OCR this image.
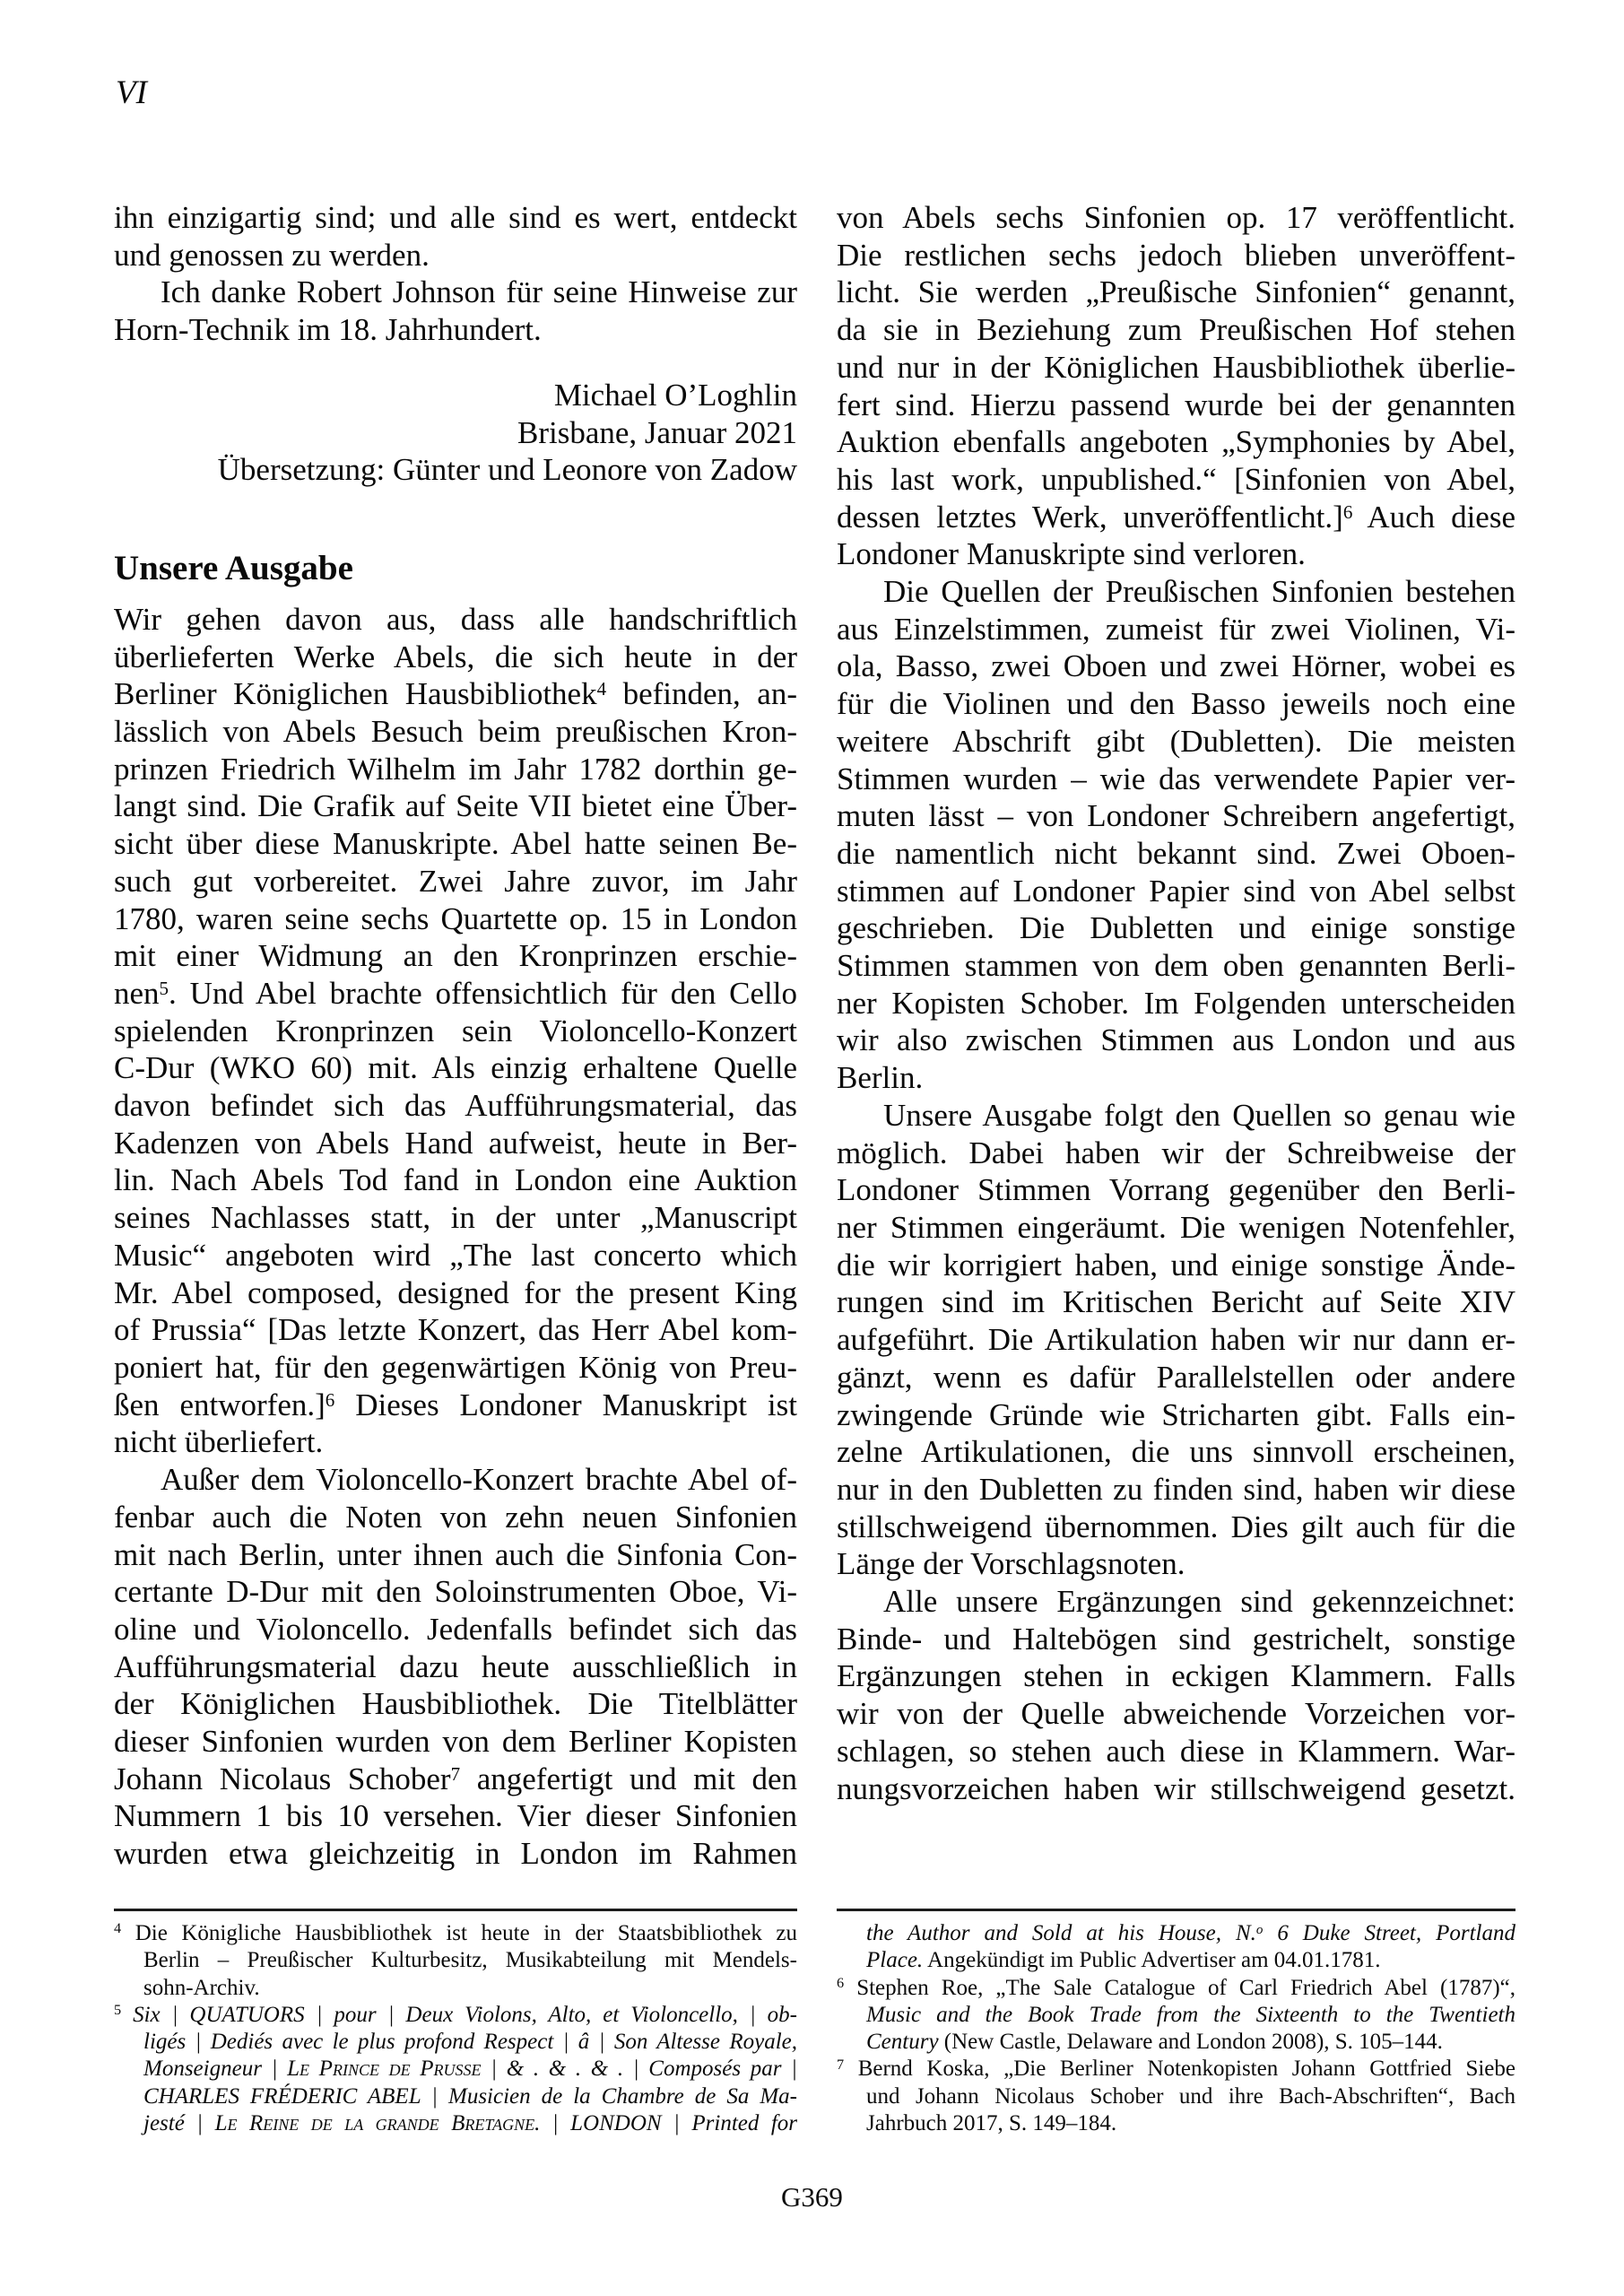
VI
ihn einzigartig sind; und alle sind es wert, entdeckt
und genossen zu werden.
Ich danke Robert Johnson für seine Hinweise zur
Horn-Technik im 18. Jahrhundert.
Michael O’Loghlin
Brisbane, Januar 2021
Übersetzung: Günter und Leonore von Zadow
Unsere Ausgabe
Wir gehen davon aus, dass alle handschriftlich
überlieferten Werke Abels, die sich heute in der
Berliner Königlichen Hausbibliothek$^4$ befinden, an-
lässlich von Abels Besuch beim preußischen Kron-
prinzen Friedrich Wilhelm im Jahr 1782 dorthin ge-
langt sind. Die Grafik auf Seite VII bietet eine Über-
sicht über diese Manuskripte. Abel hatte seinen Be-
such gut vorbereitet. Zwei Jahre zuvor, im Jahr
1780, waren seine sechs Quartette op. 15 in London
mit einer Widmung an den Kronprinzen erschie-
nen$^5$. Und Abel brachte offensichtlich für den Cello
spielenden Kronprinzen sein Violoncello-Konzert
C-Dur (WKO 60) mit. Als einzig erhaltene Quelle
davon befindet sich das Aufführungsmaterial, das
Kadenzen von Abels Hand aufweist, heute in Ber-
lin. Nach Abels Tod fand in London eine Auktion
seines Nachlasses statt, in der unter „Manuscript
Music“ angeboten wird „The last concerto which
Mr. Abel composed, designed for the present King
of Prussia“ [Das letzte Konzert, das Herr Abel kom-
poniert hat, für den gegenwärtigen König von Preu-
ßen entworfen.]$^6$ Dieses Londoner Manuskript ist
nicht überliefert.
Außer dem Violoncello-Konzert brachte Abel of-
fenbar auch die Noten von zehn neuen Sinfonien
mit nach Berlin, unter ihnen auch die Sinfonia Con-
certante D-Dur mit den Soloinstrumenten Oboe, Vi-
oline und Violoncello. Jedenfalls befindet sich das
Aufführungsmaterial dazu heute ausschließlich in
der Königlichen Hausbibliothek. Die Titelblätter
dieser Sinfonien wurden von dem Berliner Kopisten
Johann Nicolaus Schober$^7$ angefertigt und mit den
Nummern 1 bis 10 versehen. Vier dieser Sinfonien
wurden etwa gleichzeitig in London im Rahmen
von Abels sechs Sinfonien op. 17 veröffentlicht.
Die restlichen sechs jedoch blieben unveröffent-
licht. Sie werden „Preußische Sinfonien“ genannt,
da sie in Beziehung zum Preußischen Hof stehen
und nur in der Königlichen Hausbibliothek überlie-
fert sind. Hierzu passend wurde bei der genannten
Auktion ebenfalls angeboten „Symphonies by Abel,
his last work, unpublished.“ [Sinfonien von Abel,
dessen letztes Werk, unveröffentlicht.]$^6$ Auch diese
Londoner Manuskripte sind verloren.
Die Quellen der Preußischen Sinfonien bestehen
aus Einzelstimmen, zumeist für zwei Violinen, Vi-
ola, Basso, zwei Oboen und zwei Hörner, wobei es
für die Violinen und den Basso jeweils noch eine
weitere Abschrift gibt (Dubletten). Die meisten
Stimmen wurden – wie das verwendete Papier ver-
muten lässt – von Londoner Schreibern angefertigt,
die namentlich nicht bekannt sind. Zwei Oboen-
stimmen auf Londoner Papier sind von Abel selbst
geschrieben. Die Dubletten und einige sonstige
Stimmen stammen von dem oben genannten Berli-
ner Kopisten Schober. Im Folgenden unterscheiden
wir also zwischen Stimmen aus London und aus
Berlin.
Unsere Ausgabe folgt den Quellen so genau wie
möglich. Dabei haben wir der Schreibweise der
Londoner Stimmen Vorrang gegenüber den Berli-
ner Stimmen eingeräumt. Die wenigen Notenfehler,
die wir korrigiert haben, und einige sonstige Ände-
rungen sind im Kritischen Bericht auf Seite XIV
aufgeführt. Die Artikulation haben wir nur dann er-
gänzt, wenn es dafür Parallelstellen oder andere
zwingende Gründe wie Stricharten gibt. Falls ein-
zelne Artikulationen, die uns sinnvoll erscheinen,
nur in den Dubletten zu finden sind, haben wir diese
stillschweigend übernommen. Dies gilt auch für die
Länge der Vorschlagsnoten.
Alle unsere Ergänzungen sind gekennzeichnet:
Binde- und Haltebögen sind gestrichelt, sonstige
Ergänzungen stehen in eckigen Klammern. Falls
wir von der Quelle abweichende Vorzeichen vor-
schlagen, so stehen auch diese in Klammern. War-
nungsvorzeichen haben wir stillschweigend gesetzt.
$^4$ Die Königliche Hausbibliothek ist heute in der Staatsbibliothek zu
Berlin – Preußischer Kulturbesitz, Musikabteilung mit Mendels-
sohn-Archiv.
$^5$ Six | QUATUORS | pour | Deux Violons, Alto, et Violoncello, | ob-
ligés | Dediés avec le plus profond Respect | â | Son Altesse Royale,
Monseigneur | Le Prince de Prusse | & . & . & . | Composés par |
CHARLES FRÉDERIC ABEL | Musicien de la Chambre de Sa Ma-
jesté | Le Reine de la grande Bretagne. | LONDON | Printed for
the Author and Sold at his House, N.$^o$ 6 Duke Street, Portland
Place. Angekündigt im Public Advertiser am 04.01.1781.
$^6$ Stephen Roe, „The Sale Catalogue of Carl Friedrich Abel (1787)“,
Music and the Book Trade from the Sixteenth to the Twentieth
Century (New Castle, Delaware and London 2008), S. 105–144.
$^7$ Bernd Koska, „Die Berliner Notenkopisten Johann Gottfried Siebe
und Johann Nicolaus Schober und ihre Bach-Abschriften“, Bach
Jahrbuch 2017, S. 149–184.
G369
